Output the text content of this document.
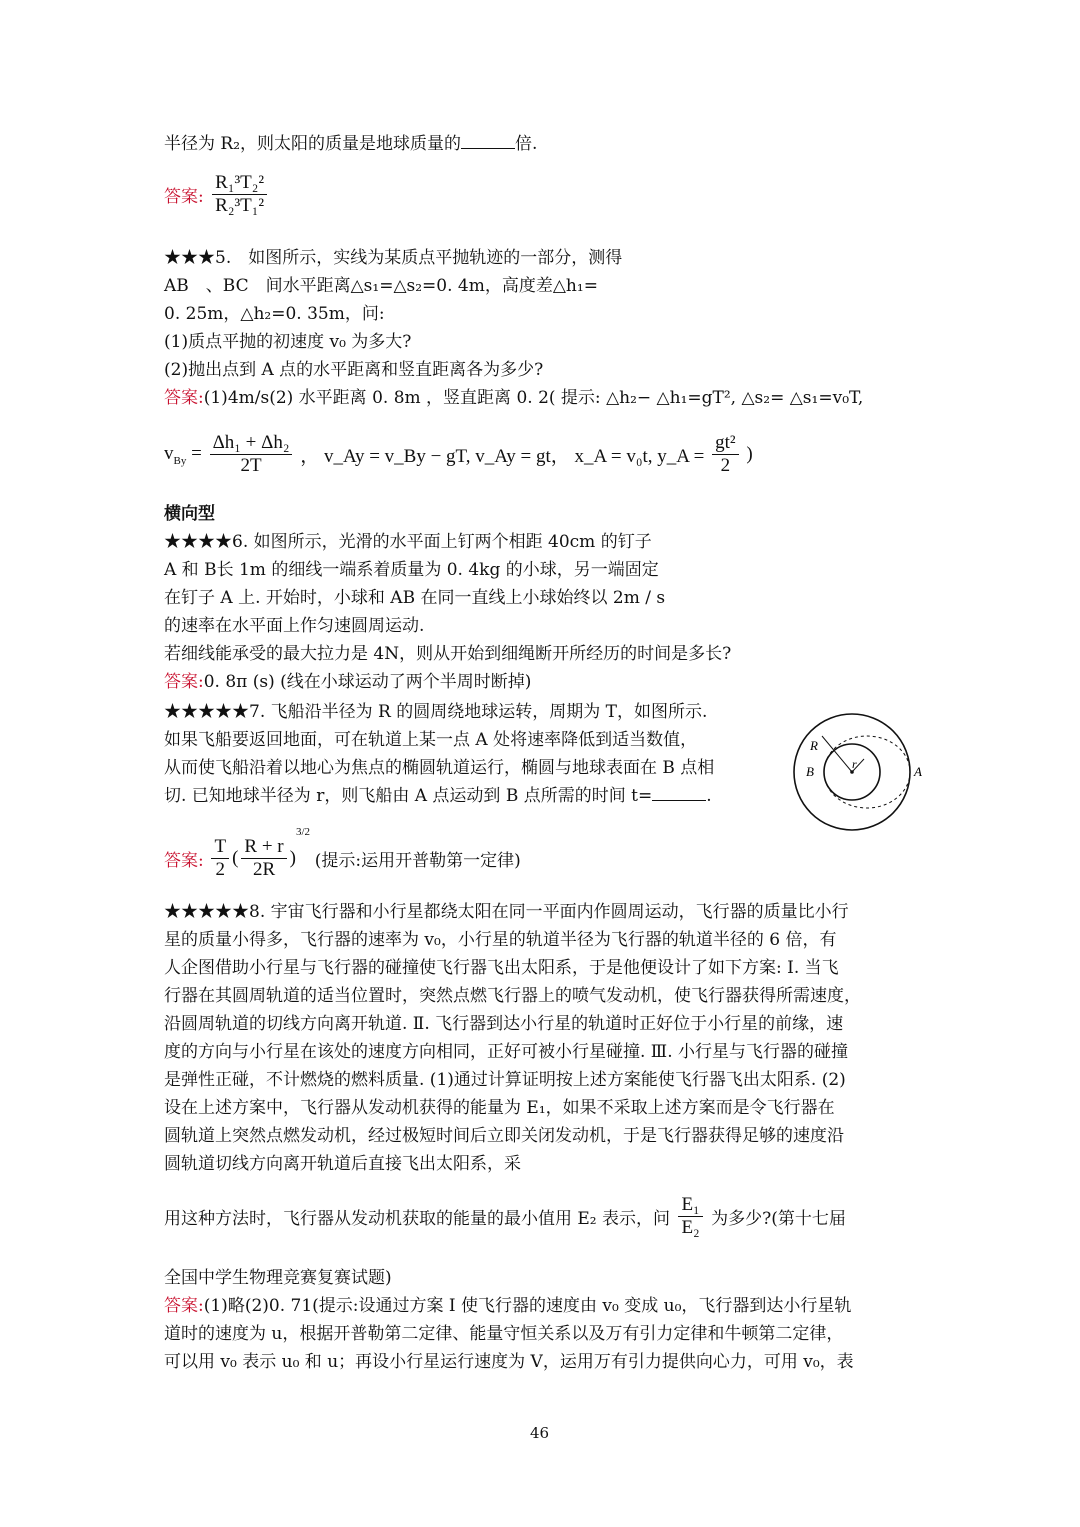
半径为 R₂，则太阳的质量是地球质量的	倍.
答案: $\frac{\text{R₁³T₂²}}{\text{R₂³T₁²}}$
★★★5.　如图所示，实线为某质点平抛轨迹的一部分，测得
AB　、BC　间水平距离△s₁=△s₂=0. 4m，高度差△h₁=
0. 25m，△h₂=0. 35m，问:
(1)质点平抛的初速度 v₀ 为多大?
(2)抛出点到 A 点的水平距离和竖直距离各为多少?
答案:(1)4m/s(2) 水平距离 0. 8m ，竖直距离 0. 2( 提示: △h₂− △h₁=gT², △s₂= △s₁=v₀T,
$v_{By} = \frac{\text{Δh₁ + Δh₂}}{2T}$ ， v_Ay = v_By − gT, v_Ay = gt， x_A = v₀t, y_A = $\frac{\text{gt²}}{2}$ )
横向型
★★★★6. 如图所示，光滑的水平面上钉两个相距 40cm 的钉子
A 和 B长 1m 的细线一端系着质量为 0. 4kg 的小球，另一端固定
在钉子 A 上. 开始时，小球和 AB 在同一直线上小球始终以 2m / s
的速率在水平面上作匀速圆周运动.
若细线能承受的最大拉力是 4N，则从开始到细绳断开所经历的时间是多长?
答案:0. 8π (s) (线在小球运动了两个半周时断掉)
★★★★★7. 飞船沿半径为 R 的圆周绕地球运转，周期为 T，如图所示.
如果飞船要返回地面，可在轨道上某一点 A 处将速率降低到适当数值，
从而使飞船沿着以地心为焦点的椭圆轨道运行，椭圆与地球表面在 B 点相
切. 已知地球半径为 r，则飞船由 A 点运动到 B 点所需的时间 t=	.
R
r
B	A
答案: $\frac{T}{2}$ ( $\frac{R + r}{2R} )^{3/2}$ (提示:运用开普勒第一定律)
★★★★★8. 宇宙飞行器和小行星都绕太阳在同一平面内作圆周运动，飞行器的质量比小行
星的质量小得多，飞行器的速率为 v₀，小行星的轨道半径为飞行器的轨道半径的 6 倍，有
人企图借助小行星与飞行器的碰撞使飞行器飞出太阳系，于是他便设计了如下方案: Ⅰ. 当飞
行器在其圆周轨道的适当位置时，突然点燃飞行器上的喷气发动机，使飞行器获得所需速度，
沿圆周轨道的切线方向离开轨道. Ⅱ. 飞行器到达小行星的轨道时正好位于小行星的前缘，速
度的方向与小行星在该处的速度方向相同，正好可被小行星碰撞. Ⅲ. 小行星与飞行器的碰撞
是弹性正碰，不计燃烧的燃料质量. (1)通过计算证明按上述方案能使飞行器飞出太阳系. (2)
设在上述方案中，飞行器从发动机获得的能量为 E₁，如果不采取上述方案而是令飞行器在
圆轨道上突然点燃发动机，经过极短时间后立即关闭发动机，于是飞行器获得足够的速度沿
圆轨道切线方向离开轨道后直接飞出太阳系，采
用这种方法时，飞行器从发动机获取的能量的最小值用 E₂ 表示，问 $\frac{\text{E₁}}{\text{E₂}}$ 为多少?(第十七届
全国中学生物理竞赛复赛试题)
答案:(1)略(2)0. 71(提示:设通过方案 I 使飞行器的速度由 v₀ 变成 u₀，飞行器到达小行星轨
道时的速度为 u，根据开普勒第二定律、能量守恒关系以及万有引力定律和牛顿第二定律，
可以用 v₀ 表示 u₀ 和 u；再设小行星运行速度为 V，运用万有引力提供向心力，可用 v₀，表
46
